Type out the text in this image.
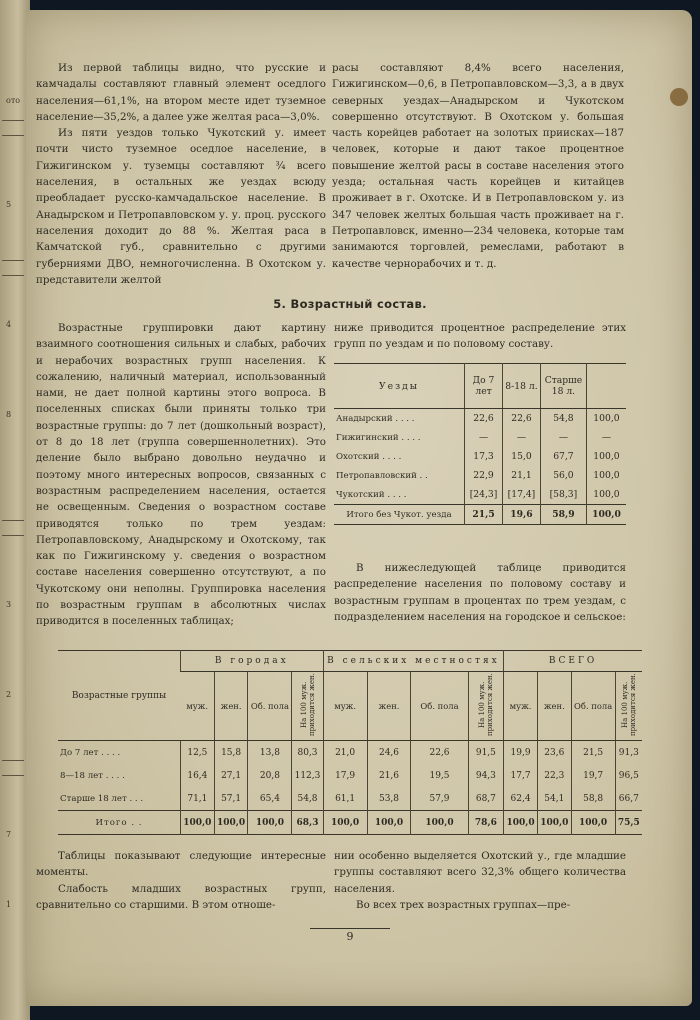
ото
5
4
8
3
2
7
1

Из первой таблицы видно, что русские и камчадалы составляют главный элемент оседлого населения—61,1%, на втором месте идет туземное население—35,2%, а далее уже желтая раса—3,0%.

Из пяти уездов только Чукотский у. имеет почти чисто туземное оседлое население, в Гижигинском у. туземцы составляют ¾ всего населения, в остальных же уездах всюду преобладает русско-камчадальское население. В Анадырском и Петропавловском у. у. проц. русского населения доходит до 88 %. Желтая раса в Камчатской губ., сравнительно с другими губерниями ДВО, немногочисленна. В Охотском у. представители желтой

расы составляют 8,4% всего населения, Гижигинском—0,6, в Петропавловском—3,3, а в двух северных уездах—Анадырском и Чукотском совершенно отсутствуют. В Охотском у. большая часть корейцев работает на золотых приисках—187 человек, которые и дают такое процентное повышение желтой расы в составе населения этого уезда; остальная часть корейцев и китайцев проживает в г. Охотске. И в Петропавловском у. из 347 человек желтых большая часть проживает на г. Петропавловск, именно—234 человека, которые там занимаются торговлей, ремеслами, работают в качестве чернорабочих и т. д.

5. Возрастный состав.

Возрастные группировки дают картину взаимного соотношения сильных и слабых, рабочих и нерабочих возрастных групп населения. К сожалению, наличный материал, использованный нами, не дает полной картины этого вопроса. В поселенных списках были приняты только три возрастные группы: до 7 лет (дошкольный возраст), от 8 до 18 лет (группа совершеннолетних). Это деление было выбрано довольно неудачно и поэтому много интересных вопросов, связанных с возрастным распределением населения, остается не освещенным. Сведения о возрастном составе приводятся только по трем уездам: Петропавловскому, Анадырскому и Охотскому, так как по Гижигинскому у. сведения о возрастном составе населения совершенно отсутствуют, а по Чукотскому они неполны. Группировка населения по возрастным группам в абсолютных числах приводится в поселенных таблицах;

ниже приводится процентное распределение этих групп по уездам и по половому составу.

Уезды	До 7 лет	8-18 л.	Старше 18 л.	
Анадырский . . . .	22,6	22,6	54,8	100,0
Гижигинский . . . .	—	—	—	—
Охотский . . . .	17,3	15,0	67,7	100,0
Петропавловский . .	22,9	21,1	56,0	100,0
Чукотский . . . .	[24,3]	[17,4]	[58,3]	100,0
Итого без Чукот. уезда	21,5	19,6	58,9	100,0

В нижеследующей таблице приводится распределение населения по половому составу и возрастным группам в процентах по трем уездам, с подразделением населения на городское и сельское:

Возрастные группы	В городах				В сельских местностях				ВСЕГО			
	муж.	жен.	Об. пола	На 100 муж. приходится жен.	муж.	жен.	Об. пола	На 100 муж. приходится жен.	муж.	жен.	Об. пола	На 100 муж. приходится жен.
До 7 лет . . . .	12,5	15,8	13,8	80,3	21,0	24,6	22,6	91,5	19,9	23,6	21,5	91,3
8—18 лет . . . .	16,4	27,1	20,8	112,3	17,9	21,6	19,5	94,3	17,7	22,3	19,7	96,5
Старше 18 лет . . .	71,1	57,1	65,4	54,8	61,1	53,8	57,9	68,7	62,4	54,1	58,8	66,7
Итого . .	100,0	100,0	100,0	68,3	100,0	100,0	100,0	78,6	100,0	100,0	100,0	75,5

Таблицы показывают следующие интересные моменты.

Слабость младших возрастных групп, сравнительно со старшими. В этом отноше-

нии особенно выделяется Охотский у., где младшие группы составляют всего 32,3% общего количества населения.

Во всех трех возрастных группах—пре-

9
